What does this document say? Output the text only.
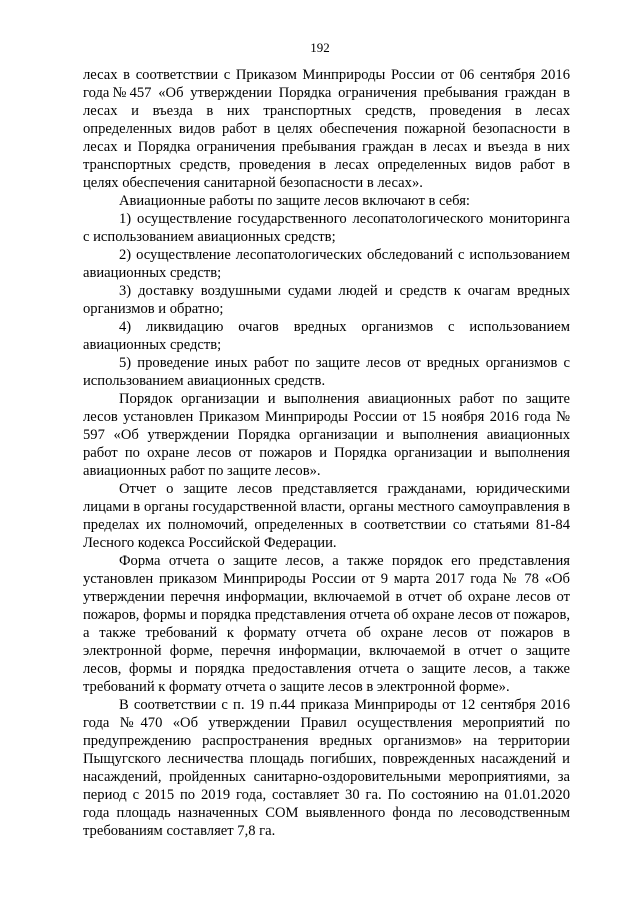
192

лесах в соответствии с Приказом Минприроды России от 06 сентября 2016 года№457 «Об утверждении Порядка ограничения пребывания граждан в лесах и въезда в них транспортных средств, проведения в лесах определенных видов работ в целях обеспечения пожарной безопасности в лесах и Порядка ограничения пребывания граждан в лесах и въезда в них транспортных средств, проведения в лесах определенных видов работ в целях обеспечения санитарной безопасности в лесах».

Авиационные работы по защите лесов включают в себя:

1) осуществление государственного лесопатологического мониторинга с использованием авиационных средств;

2) осуществление лесопатологических обследований с использованием авиационных средств;

3) доставку воздушными судами людей и средств к очагам вредных организмов и обратно;

4) ликвидацию очагов вредных организмов с использованием авиационных средств;

5) проведение иных работ по защите лесов от вредных организмов с использованием авиационных средств.

Порядок организации и выполнения авиационных работ по защите лесов установлен Приказом Минприроды России от 15 ноября 2016 года № 597 «Об утверждении Порядка организации и выполнения авиационных работ по охране лесов от пожаров и Порядка организации и выполнения авиационных работ по защите лесов».

Отчет о защите лесов представляется гражданами, юридическими лицами в органы государственной власти, органы местного самоуправления в пределах их полномочий, определенных в соответствии со статьями 81-84 Лесного кодекса Российской Федерации.

Форма отчета о защите лесов, а также порядок его представления установлен приказом Минприроды России от 9 марта 2017 года № 78 «Об утверждении перечня информации, включаемой в отчет об охране лесов от пожаров, формы и порядка представления отчета об охране лесов от пожаров, а также требований к формату отчета об охране лесов от пожаров в электронной форме, перечня информации, включаемой в отчет о защите лесов, формы и порядка предоставления отчета о защите лесов, а также требований к формату отчета о защите лесов в электронной форме».

В соответствии с п. 19 п.44 приказа Минприроды от 12 сентября 2016 года №470 «Об утверждении Правил осуществления мероприятий по предупреждению распространения вредных организмов» на территории Пыщугского лесничества площадь погибших, поврежденных насаждений и насаждений, пройденных санитарно-оздоровительными мероприятиями, за период с 2015 по 2019 года, составляет 30 га. По состоянию на 01.01.2020 года площадь назначенных СОМ выявленного фонда по лесоводственным требованиям составляет 7,8 га.
